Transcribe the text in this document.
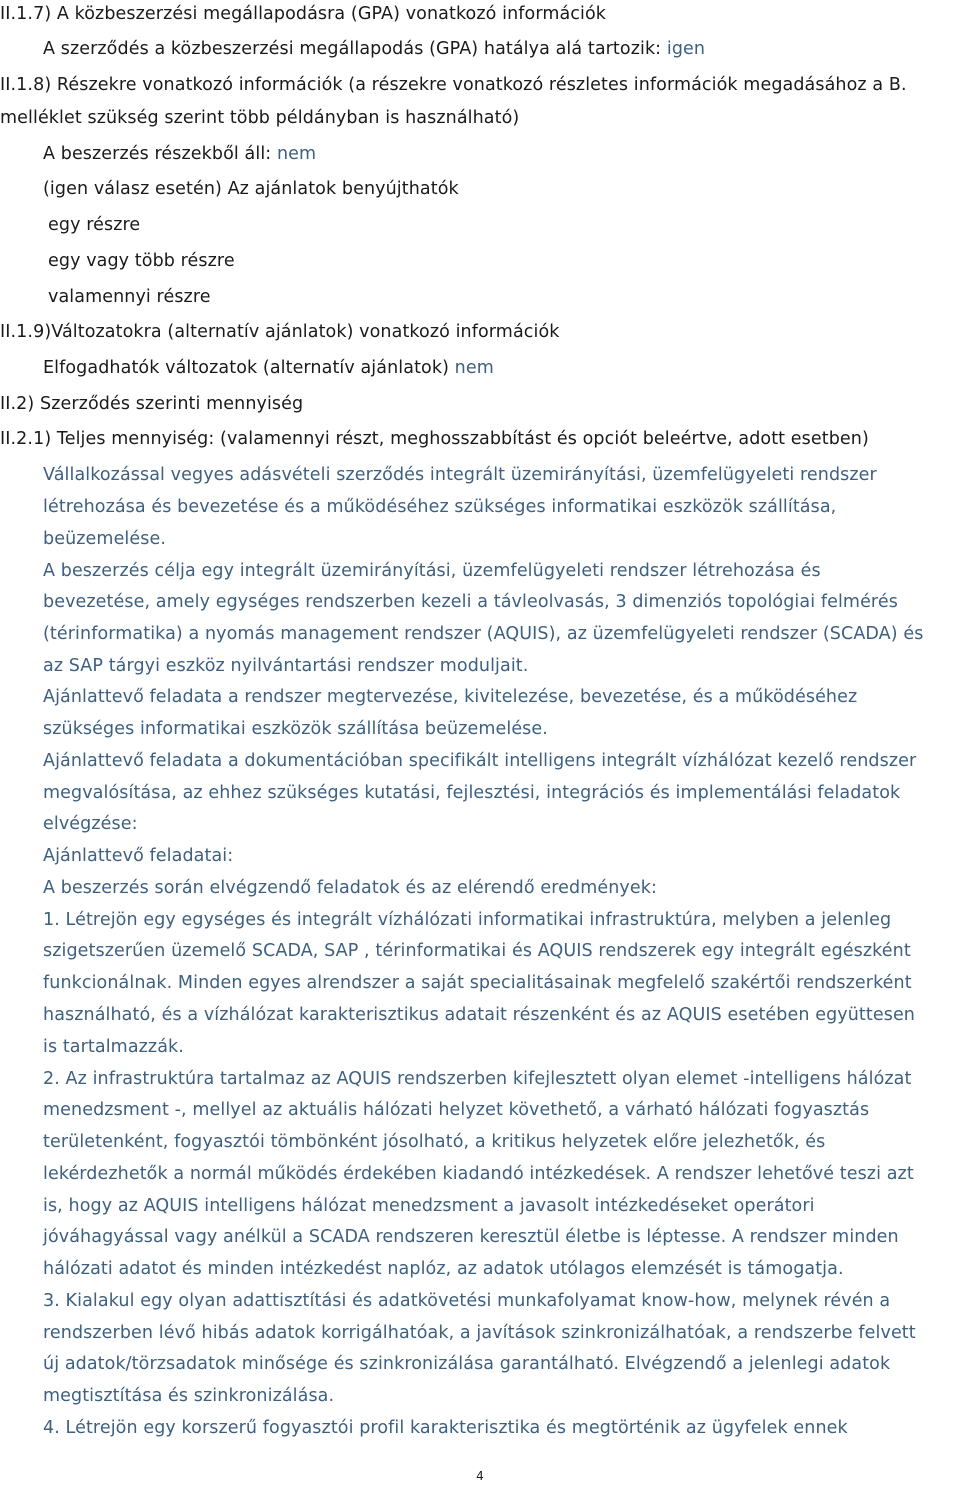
II.1.7) A közbeszerzési megállapodásra (GPA) vonatkozó információk
A szerződés a közbeszerzési megállapodás (GPA) hatálya alá tartozik: igen
II.1.8) Részekre vonatkozó információk (a részekre vonatkozó részletes információk megadásához a B.
melléklet szükség szerint több példányban is használható)
A beszerzés részekből áll: nem
(igen válasz esetén) Az ajánlatok benyújthatók
egy részre
egy vagy több részre
valamennyi részre
II.1.9)Változatokra (alternatív ajánlatok) vonatkozó információk
Elfogadhatók változatok (alternatív ajánlatok) nem
II.2) Szerződés szerinti mennyiség
II.2.1) Teljes mennyiség: (valamennyi részt, meghosszabbítást és opciót beleértve, adott esetben)
Vállalkozással vegyes adásvételi szerződés integrált üzemirányítási, üzemfelügyeleti rendszer
létrehozása és bevezetése és a működéséhez szükséges informatikai eszközök szállítása,
beüzemelése.
A beszerzés célja egy integrált üzemirányítási, üzemfelügyeleti rendszer létrehozása és
bevezetése, amely egységes rendszerben kezeli a távleolvasás, 3 dimenziós topológiai felmérés
(térinformatika) a nyomás management rendszer (AQUIS), az üzemfelügyeleti rendszer (SCADA) és
az SAP tárgyi eszköz nyilvántartási rendszer moduljait.
Ajánlattevő feladata a rendszer megtervezése, kivitelezése, bevezetése, és a működéséhez
szükséges informatikai eszközök szállítása beüzemelése.
Ajánlattevő feladata a dokumentációban specifikált intelligens integrált vízhálózat kezelő rendszer
megvalósítása, az ehhez szükséges kutatási, fejlesztési, integrációs és implementálási feladatok
elvégzése:
Ajánlattevő feladatai:
A beszerzés során elvégzendő feladatok és az elérendő eredmények:
1. Létrejön egy egységes és integrált vízhálózati informatikai infrastruktúra, melyben a jelenleg
szigetszerűen üzemelő SCADA, SAP , térinformatikai és AQUIS rendszerek egy integrált egészként
funkcionálnak. Minden egyes alrendszer a saját specialitásainak megfelelő szakértői rendszerként
használható, és a vízhálózat karakterisztikus adatait részenként és az AQUIS esetében együttesen
is tartalmazzák.
2. Az infrastruktúra tartalmaz az AQUIS rendszerben kifejlesztett olyan elemet -intelligens hálózat
menedzsment -, mellyel az aktuális hálózati helyzet követhető, a várható hálózati fogyasztás
területenként, fogyasztói tömbönként jósolható, a kritikus helyzetek előre jelezhetők, és
lekérdezhetők a normál működés érdekében kiadandó intézkedések. A rendszer lehetővé teszi azt
is, hogy az AQUIS intelligens hálózat menedzsment a javasolt intézkedéseket operátori
jóváhagyással vagy anélkül a SCADA rendszeren keresztül életbe is léptesse. A rendszer minden
hálózati adatot és minden intézkedést naplóz, az adatok utólagos elemzését is támogatja.
3. Kialakul egy olyan adattisztítási és adatkövetési munkafolyamat know-how, melynek révén a
rendszerben lévő hibás adatok korrigálhatóak, a javítások szinkronizálhatóak, a rendszerbe felvett
új adatok/törzsadatok minősége és szinkronizálása garantálható. Elvégzendő a jelenlegi adatok
megtisztítása és szinkronizálása.
4. Létrejön egy korszerű fogyasztói profil karakterisztika és megtörténik az ügyfelek ennek
4
